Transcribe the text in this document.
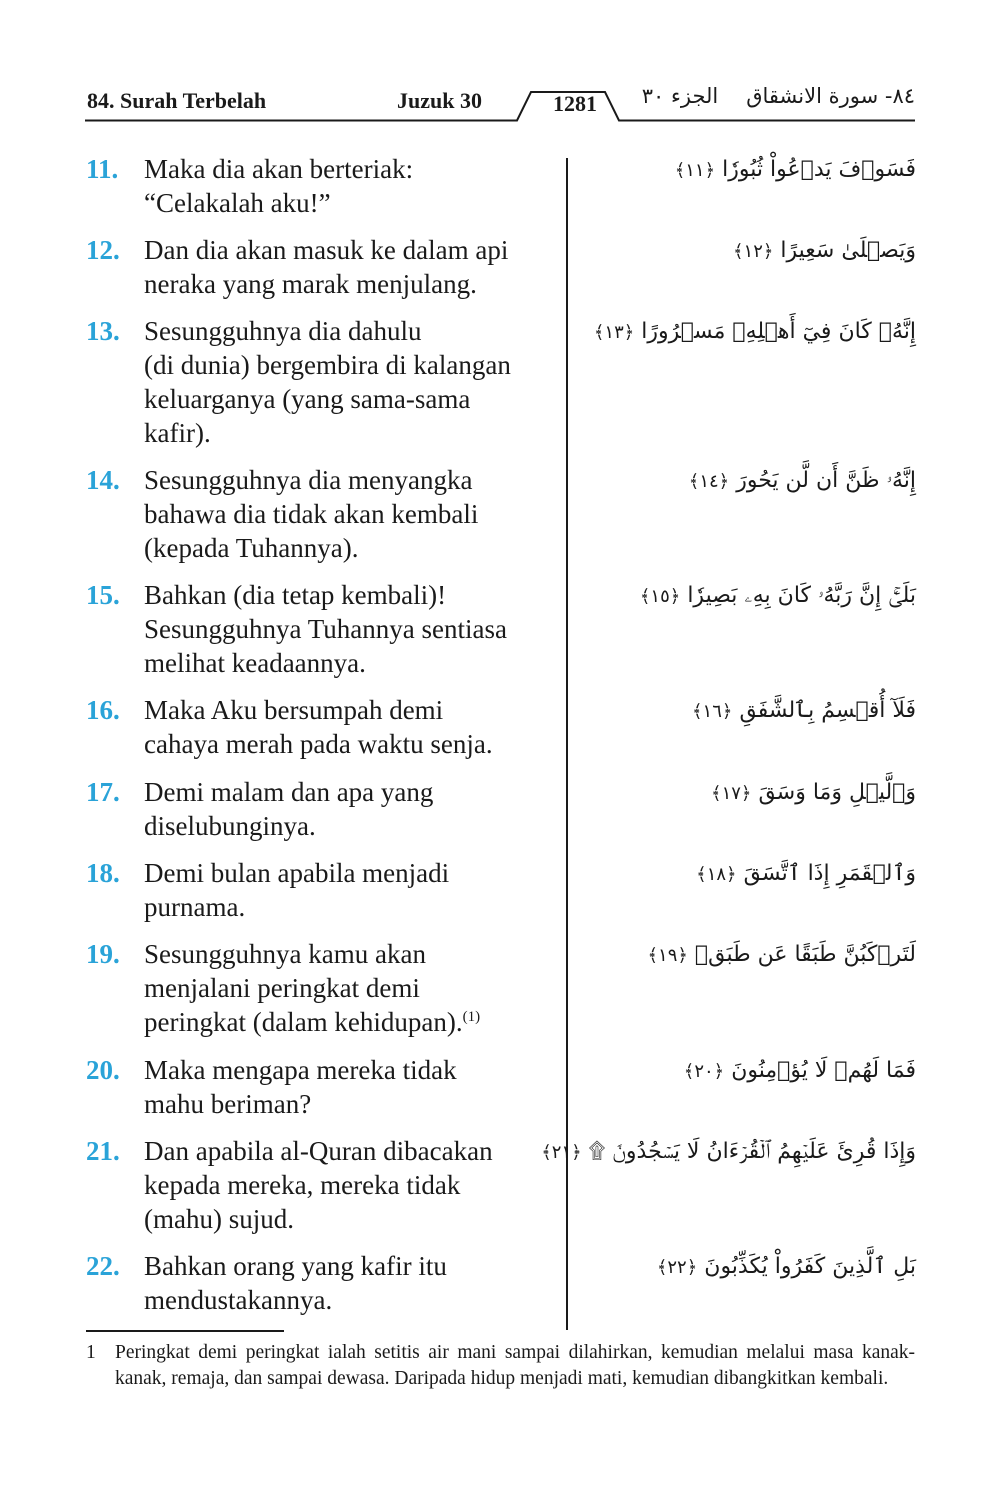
84. Surah Terbelah	Juzuk 30	1281	الجزء ٣٠	٨٤- سورة الانشقاق
11. Maka dia akan berteriak:
“Celakalah aku!”
فَسَوۡفَ يَدۡعُواْ ثُبُورٗا ﴿١١﴾
12. Dan dia akan masuk ke dalam api
neraka yang marak menjulang.
وَيَصۡلَىٰ سَعِيرًا ﴿١٢﴾
13. Sesungguhnya dia dahulu
(di dunia) bergembira di kalangan
keluarganya (yang sama-sama
kafir).
إِنَّهُۥ كَانَ فِيٓ أَهۡلِهِۦ مَسۡرُورًا ﴿١٣﴾
14. Sesungguhnya dia menyangka
bahawa dia tidak akan kembali
(kepada Tuhannya).
إِنَّهُۥ ظَنَّ أَن لَّن يَحُورَ ﴿١٤﴾
15. Bahkan (dia tetap kembali)!
Sesungguhnya Tuhannya sentiasa
melihat keadaannya.
بَلَىٰٓۚ إِنَّ رَبَّهُۥ كَانَ بِهِۦ بَصِيرٗا ﴿١٥﴾
16. Maka Aku bersumpah demi
cahaya merah pada waktu senja.
فَلَآ أُقۡسِمُ بِٱلشَّفَقِ ﴿١٦﴾
17. Demi malam dan apa yang
diselubunginya.
وَٱلَّيۡلِ وَمَا وَسَقَ ﴿١٧﴾
18. Demi bulan apabila menjadi
purnama.
وَٱلۡقَمَرِ إِذَا ٱتَّسَقَ ﴿١٨﴾
19. Sesungguhnya kamu akan
menjalani peringkat demi
peringkat (dalam kehidupan).$^{(1)}$
لَتَرۡكَبُنَّ طَبَقًا عَن طَبَقٖ ﴿١٩﴾
20. Maka mengapa mereka tidak
mahu beriman?
فَمَا لَهُمۡ لَا يُؤۡمِنُونَ ﴿٢٠﴾
21. Dan apabila al-Quran dibacakan
kepada mereka, mereka tidak
(mahu) sujud.
وَإِذَا قُرِئَ عَلَيۡهِمُ ٱلۡقُرۡءَانُ لَا يَسۡجُدُونَۤ ۩ ﴿٢١﴾
22. Bahkan orang yang kafir itu
mendustakannya.
بَلِ ٱلَّذِينَ كَفَرُواْ يُكَذِّبُونَ ﴿٢٢﴾
1 Peringkat demi peringkat ialah setitis air mani sampai dilahirkan, kemudian melalui masa kanak-kanak, remaja, dan sampai dewasa. Daripada hidup menjadi mati, kemudian dibangkitkan kembali.
